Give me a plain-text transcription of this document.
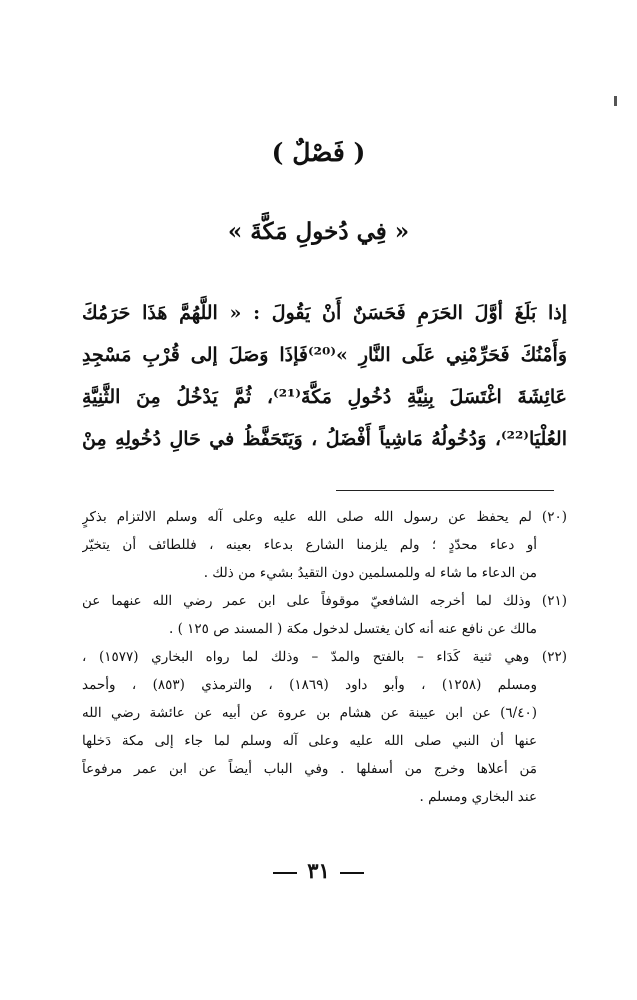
( فَصْلٌ )
« فِي دُخولِ مَكَّةَ »
إذا بَلَغَ أوَّلَ الحَرَمِ فَحَسَنٌ أَنْ يَقُولَ : « اللَّهُمَّ هَذَا حَرَمُكَ
وَأَمْنُكَ فَحَرِّمْنِي عَلَى النَّارِ »⁽²⁰⁾فَإذَا وَصَلَ إلى قُرْبِ مَسْجِدِ
عَائِشَةَ اغْتَسَلَ بِنِيَّةِ دُخُولِ مَكَّةَ⁽²¹⁾، ثُمَّ يَدْخُلُ مِنَ الثَّنِيَّةِ
العُلْيَا⁽²²⁾، وَدُخُولُهُ مَاشِياً أَفْضَلُ ، وَيَتَحَفَّظُ في حَالِ دُخُولِهِ مِنْ
(٢٠) لم يحفظ عن رسول الله صلى الله عليه وعلى آله وسلم الالتزام بذكرٍ
أو دعاء محدّدٍ ؛ ولم يلزمنا الشارع بدعاء بعينه ، فللطائف أن يتخيّر
من الدعاء ما شاء له وللمسلمين دون التقيدُ بشيء من ذلك .
(٢١) وذلك لما أخرجه الشافعيّ موقوفاً على ابن عمر رضي الله عنهما عن
مالك عن نافع عنه أنه كان يغتسل لدخول مكة ( المسند ص ١٢٥ ) .
(٢٢) وهي ثنية كَدَاء – بالفتح والمدّ – وذلك لما رواه البخاري (١٥٧٧) ،
ومسلم (١٢٥٨) ، وأبو داود (١٨٦٩) ، والترمذي (٨٥٣) ، وأحمد
(٦/٤٠) عن ابن عيينة عن هشام بن عروة عن أبيه عن عائشة رضي الله
عنها أن النبي صلى الله عليه وعلى آله وسلم لما جاء إلى مكة دَخلها
مَن أعلاها وخرج من أسفلها . وفي الباب أيضاً عن ابن عمر مرفوعاً
عند البخاري ومسلم .
٣١
